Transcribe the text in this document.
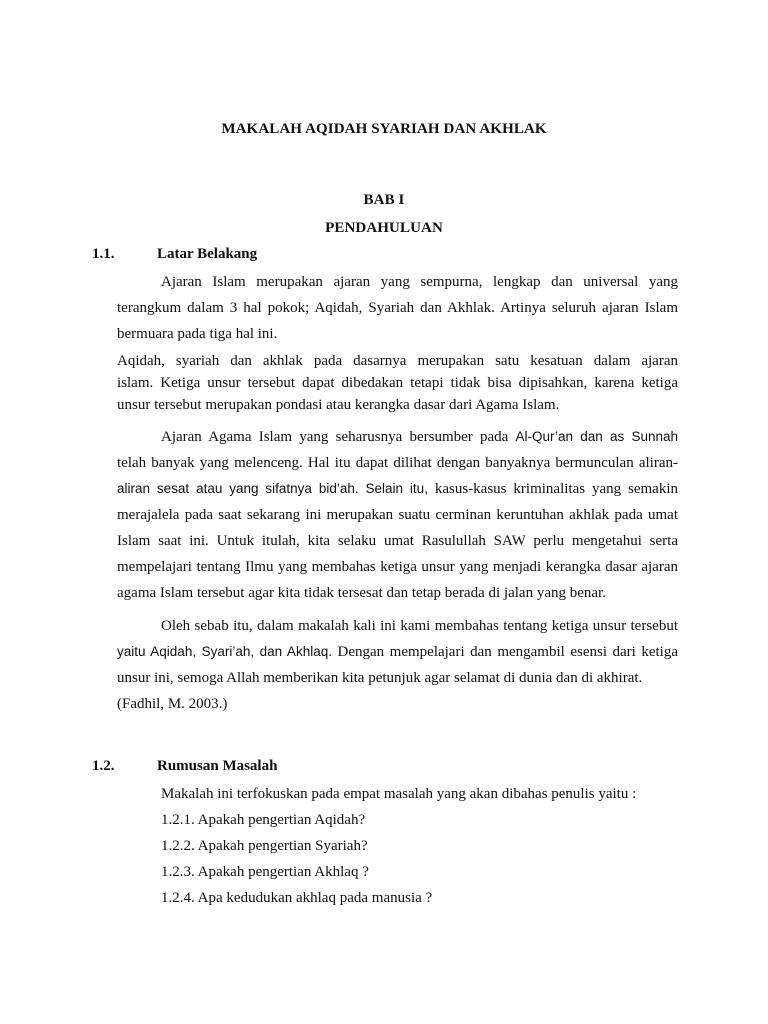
MAKALAH AQIDAH SYARIAH DAN AKHLAK
BAB I
PENDAHULUAN
1.1.	Latar Belakang
Ajaran Islam merupakan ajaran yang sempurna, lengkap dan universal yang
terangkum dalam 3 hal pokok; Aqidah, Syariah dan Akhlak. Artinya seluruh ajaran Islam
bermuara pada tiga hal ini.
Aqidah, syariah dan akhlak pada dasarnya merupakan satu kesatuan dalam ajaran
islam. Ketiga unsur tersebut dapat dibedakan tetapi tidak bisa dipisahkan, karena ketiga
unsur tersebut merupakan pondasi atau kerangka dasar dari Agama Islam.
Ajaran Agama Islam yang seharusnya bersumber pada Al-Qur’an dan as Sunnah
telah banyak yang melenceng. Hal itu dapat dilihat dengan banyaknya bermunculan aliran-
aliran sesat atau yang sifatnya bid’ah. Selain itu, kasus-kasus kriminalitas yang semakin
merajalela pada saat sekarang ini merupakan suatu cerminan keruntuhan akhlak pada umat
Islam saat ini. Untuk itulah, kita selaku umat Rasulullah SAW perlu mengetahui serta
mempelajari tentang Ilmu yang membahas ketiga unsur yang menjadi kerangka dasar ajaran
agama Islam tersebut agar kita tidak tersesat dan tetap berada di jalan yang benar.
Oleh sebab itu, dalam makalah kali ini kami membahas tentang ketiga unsur tersebut
yaitu Aqidah, Syari’ah, dan Akhlaq. Dengan mempelajari dan mengambil esensi dari ketiga
unsur ini, semoga Allah memberikan kita petunjuk agar selamat di dunia dan di akhirat.
(Fadhil, M. 2003.)
1.2.	Rumusan Masalah
Makalah ini terfokuskan pada empat masalah yang akan dibahas penulis yaitu :
1.2.1. Apakah pengertian Aqidah?
1.2.2. Apakah pengertian Syariah?
1.2.3. Apakah pengertian Akhlaq ?
1.2.4. Apa kedudukan akhlaq pada manusia ?
